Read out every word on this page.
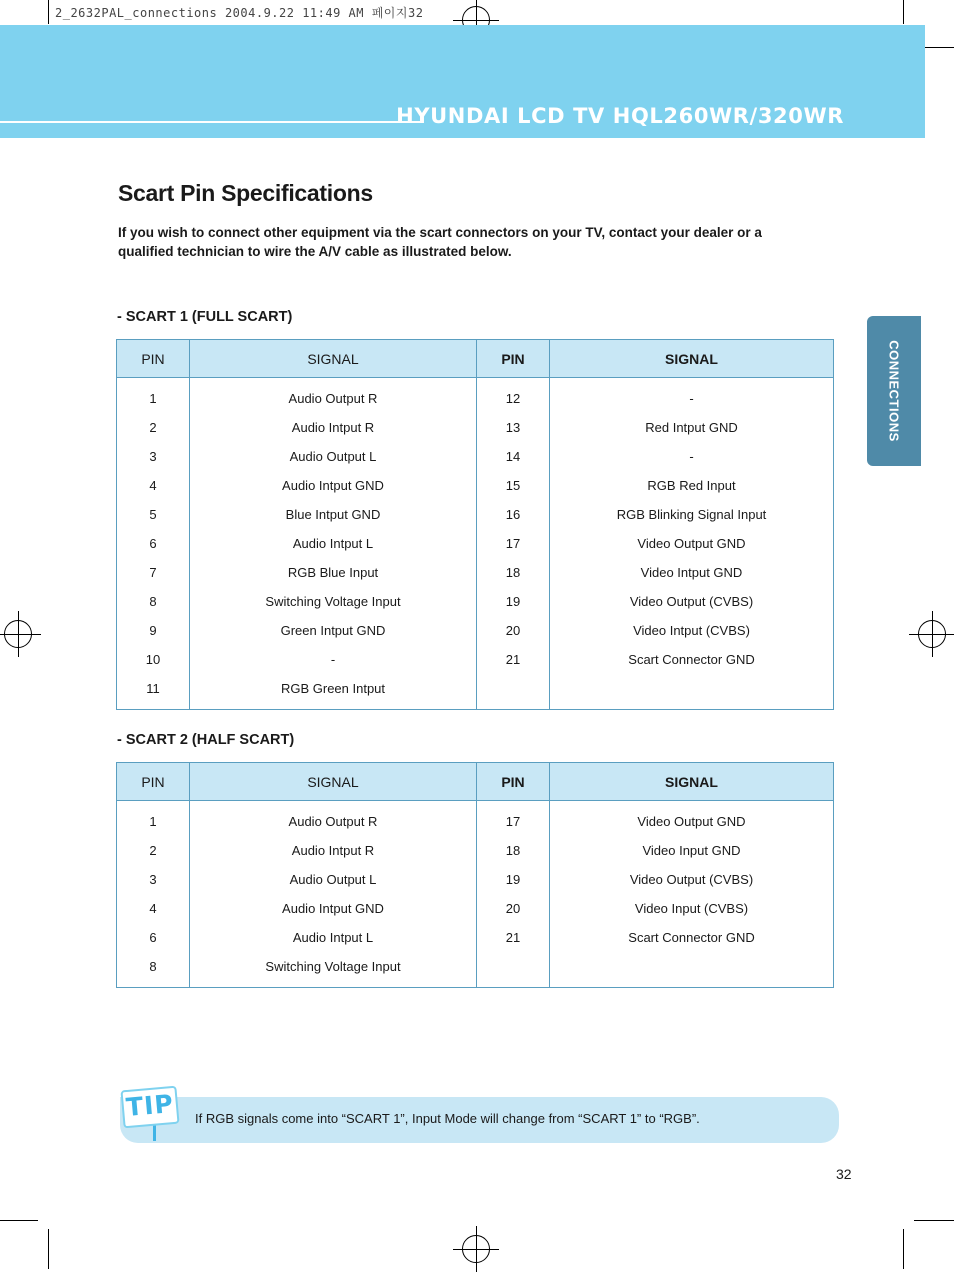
2_2632PAL_connections 2004.9.22 11:49 AM 페이지32
HYUNDAI LCD TV HQL260WR/320WR
CONNECTIONS
Scart Pin Specifications

If you wish to connect other equipment via the scart connectors on your TV, contact your dealer or a qualified technician to wire the A/V cable as illustrated below.

- SCART 1 (FULL SCART)
PIN	SIGNAL	PIN	SIGNAL
1	Audio Output R	12	-
2	Audio Intput R	13	Red Intput GND
3	Audio Output L	14	-
4	Audio Intput GND	15	RGB Red Input
5	Blue Intput GND	16	RGB Blinking Signal Input
6	Audio Intput L	17	Video Output GND
7	RGB Blue Input	18	Video Intput GND
8	Switching Voltage Input	19	Video Output (CVBS)
9	Green Intput GND	20	Video Intput (CVBS)
10	-	21	Scart Connector GND
11	RGB Green Intput		
- SCART 2 (HALF SCART)
PIN	SIGNAL	PIN	SIGNAL
1	Audio Output R	17	Video Output GND
2	Audio Intput R	18	Video Input GND
3	Audio Output L	19	Video Output (CVBS)
4	Audio Intput GND	20	Video Input (CVBS)
6	Audio Intput L	21	Scart Connector GND
8	Switching Voltage Input		
If RGB signals come into “SCART 1”, Input Mode will change from “SCART 1” to “RGB”.
TIP
32
